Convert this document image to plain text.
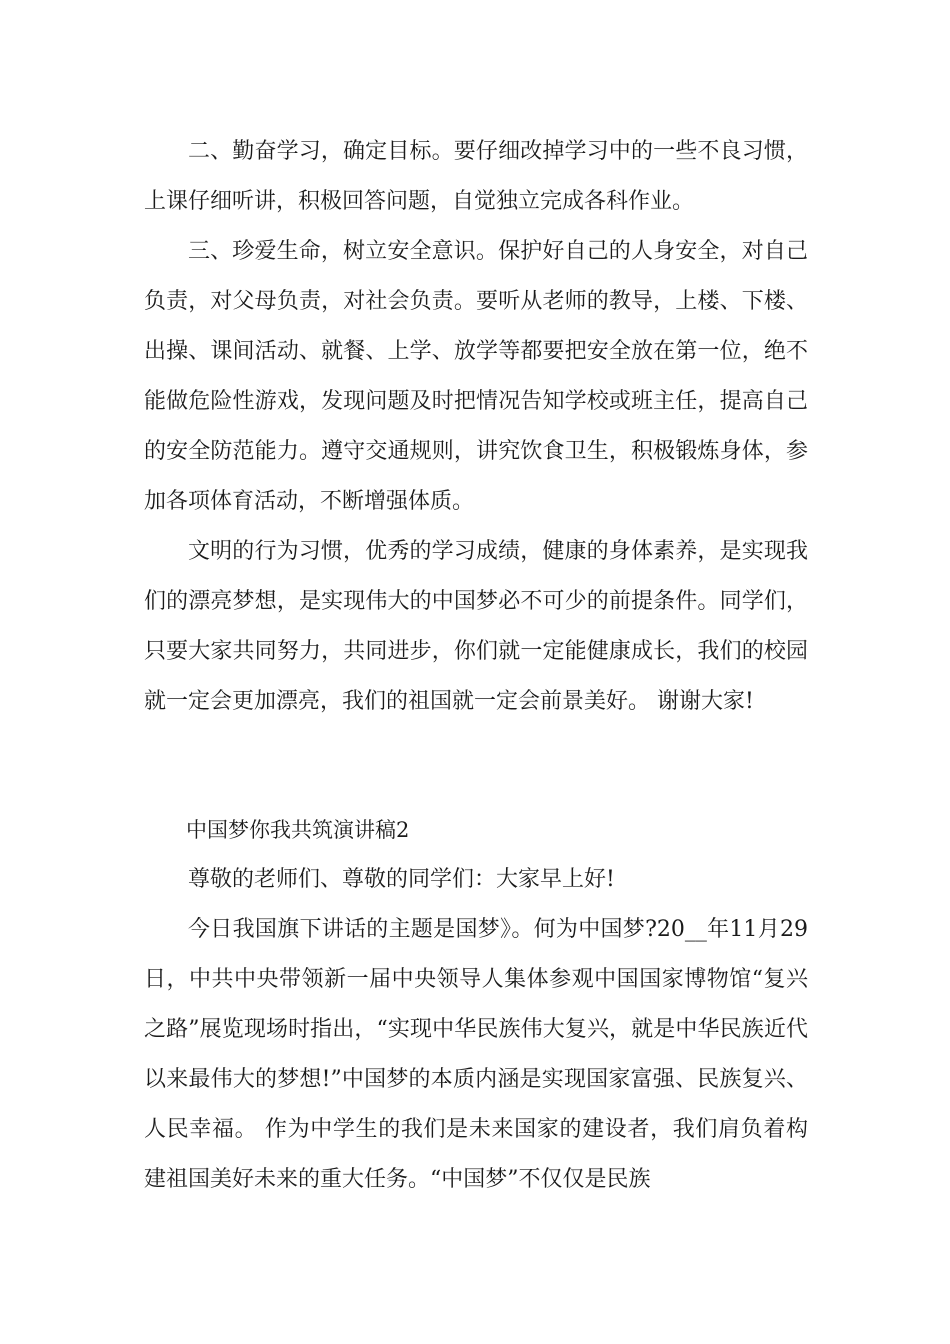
二、勤奋学习，确定目标。要仔细改掉学习中的一些不良习惯，上课仔细听讲，积极回答问题，自觉独立完成各科作业。

三、珍爱生命，树立安全意识。保护好自己的人身安全，对自己负责，对父母负责，对社会负责。要听从老师的教导，上楼、下楼、出操、课间活动、就餐、上学、放学等都要把安全放在第一位，绝不能做危险性游戏，发现问题及时把情况告知学校或班主任，提高自己的安全防范能力。遵守交通规则，讲究饮食卫生，积极锻炼身体，参加各项体育活动，不断增强体质。

文明的行为习惯，优秀的学习成绩，健康的身体素养，是实现我们的漂亮梦想，是实现伟大的中国梦必不可少的前提条件。同学们，只要大家共同努力，共同进步，你们就一定能健康成长，我们的校园就一定会更加漂亮，我们的祖国就一定会前景美好。 谢谢大家!

中国梦你我共筑演讲稿2

尊敬的老师们、尊敬的同学们：大家早上好!

今日我国旗下讲话的主题是国梦》。何为中国梦?20__年11月29日，中共中央带领新一届中央领导人集体参观中国国家博物馆“复兴之路”展览现场时指出，“实现中华民族伟大复兴，就是中华民族近代以来最伟大的梦想!”中国梦的本质内涵是实现国家富强、民族复兴、人民幸福。 作为中学生的我们是未来国家的建设者，我们肩负着构建祖国美好未来的重大任务。“中国梦”不仅仅是民族
